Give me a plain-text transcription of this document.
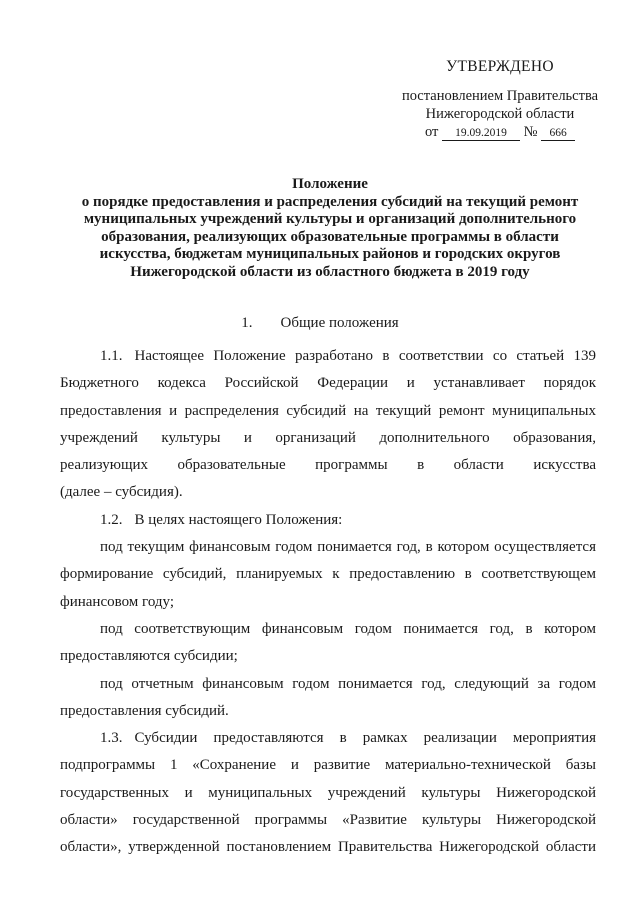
УТВЕРЖДЕНО
постановлением Правительства
Нижегородской области
от 19.09.2019 № 666
Положение
о порядке предоставления и распределения субсидий на текущий ремонт
муниципальных учреждений культуры и организаций дополнительного
образования, реализующих образовательные программы в области
искусства, бюджетам муниципальных районов и городских округов
Нижегородской области из областного бюджета в 2019 году
1. Общие положения

1.1. Настоящее Положение разработано в соответствии со статьей 139

Бюджетного кодекса Российской Федерации и устанавливает порядок

предоставления и распределения субсидий на текущий ремонт муниципальных

учреждений культуры и организаций дополнительного образования,

реализующих образовательные программы в области искусства

(далее – субсидия).

1.2. В целях настоящего Положения:

под текущим финансовым годом понимается год, в котором осуществляется

формирование субсидий, планируемых к предоставлению в соответствующем

финансовом году;

под соответствующим финансовым годом понимается год, в котором

предоставляются субсидии;

под отчетным финансовым годом понимается год, следующий за годом

предоставления субсидий.

1.3. Субсидии предоставляются в рамках реализации мероприятия

подпрограммы 1 «Сохранение и развитие материально-технической базы

государственных и муниципальных учреждений культуры Нижегородской

области» государственной программы «Развитие культуры Нижегородской

области», утвержденной постановлением Правительства Нижегородской области
